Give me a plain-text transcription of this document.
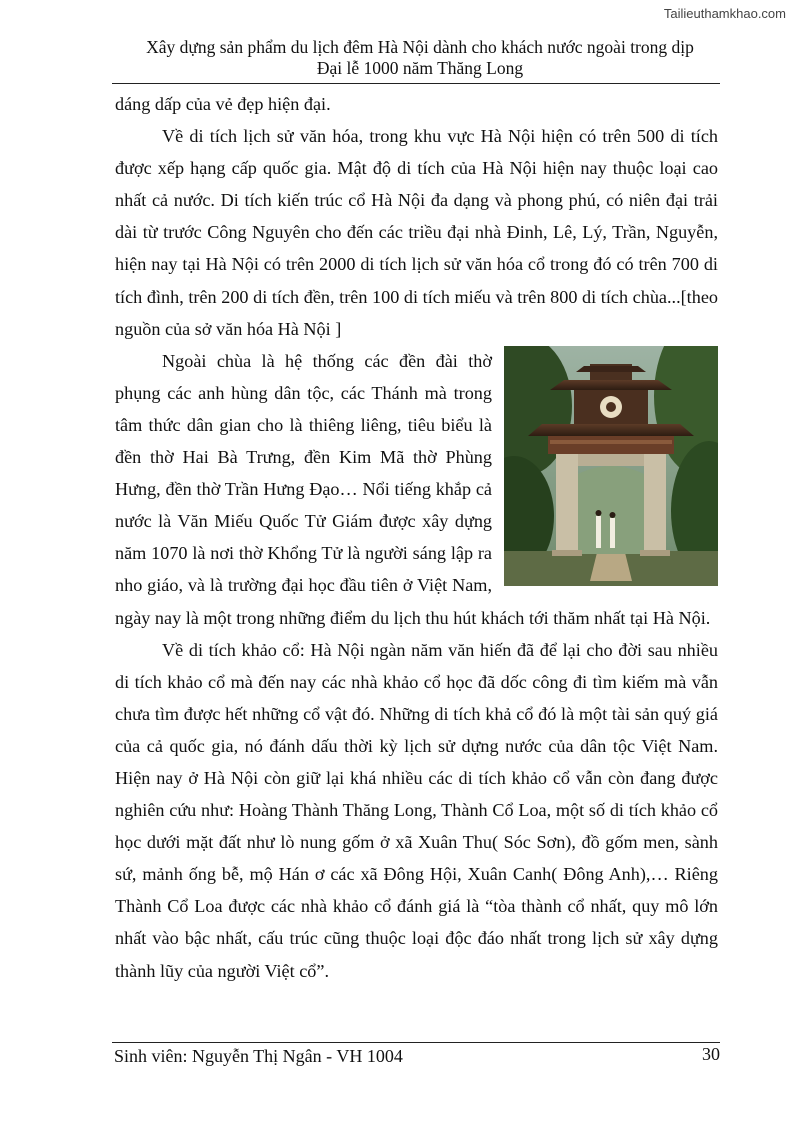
Tailieuthamkhao.com
Xây dựng sản phẩm du lịch đêm Hà Nội dành cho khách nước ngoài trong dịp
Đại lễ 1000 năm Thăng Long

dáng dấp của vẻ đẹp hiện đại.

Về di tích lịch sử văn hóa, trong khu vực Hà Nội hiện có trên 500 di tích được xếp hạng cấp quốc gia. Mật độ di tích của Hà Nội hiện nay thuộc loại cao nhất cả nước. Di tích kiến trúc cổ Hà Nội đa dạng và phong phú, có niên đại trải dài từ trước Công Nguyên cho đến các triều đại nhà Đinh, Lê, Lý, Trần, Nguyễn, hiện nay tại Hà Nội có trên 2000 di tích lịch sử văn hóa cổ trong đó có trên 700 di tích đình, trên 200 di tích đền, trên 100 di tích miếu và trên 800 di tích chùa...[theo nguồn của sở văn hóa Hà Nội ]

Ngoài chùa là hệ thống các đền đài thờ phụng các anh hùng dân tộc, các Thánh mà trong tâm thức dân gian cho là thiêng liêng, tiêu biểu là đền thờ Hai Bà Trưng, đền Kim Mã thờ Phùng Hưng, đền thờ Trần Hưng Đạo… Nổi tiếng khắp cả nước là Văn Miếu Quốc Tử Giám được xây dựng năm 1070 là nơi thờ Khổng Tử là người sáng lập ra nho giáo, và là trường đại học đầu tiên ở Việt Nam, ngày nay là một trong những điểm du lịch thu hút khách tới thăm nhất tại Hà Nội.

Về di tích khảo cổ: Hà Nội ngàn năm văn hiến đã để lại cho đời sau nhiều di tích khảo cổ mà đến nay các nhà khảo cổ học đã dốc công đi tìm kiếm mà vẫn chưa tìm được hết những cổ vật đó. Những di tích khả cổ đó là một tài sản quý giá của cả quốc gia, nó đánh dấu thời kỳ lịch sử dựng nước của dân tộc Việt Nam. Hiện nay ở Hà Nội còn giữ lại khá nhiều các di tích khảo cổ vẫn còn đang được nghiên cứu như: Hoàng Thành Thăng Long, Thành Cổ Loa, một số di tích khảo cổ học dưới mặt đất như lò nung gốm ở xã Xuân Thu( Sóc Sơn), đồ gốm men, sành sứ, mảnh ống bễ, mộ Hán ơ các xã Đông Hội, Xuân Canh( Đông Anh),… Riêng Thành Cổ Loa được các nhà khảo cổ đánh giá là “tòa thành cổ nhất, quy mô lớn nhất vào bậc nhất, cấu trúc cũng thuộc loại độc đáo nhất trong lịch sử xây dựng thành lũy của người Việt cổ”.

Sinh viên: Nguyễn Thị Ngân - VH 1004	30
